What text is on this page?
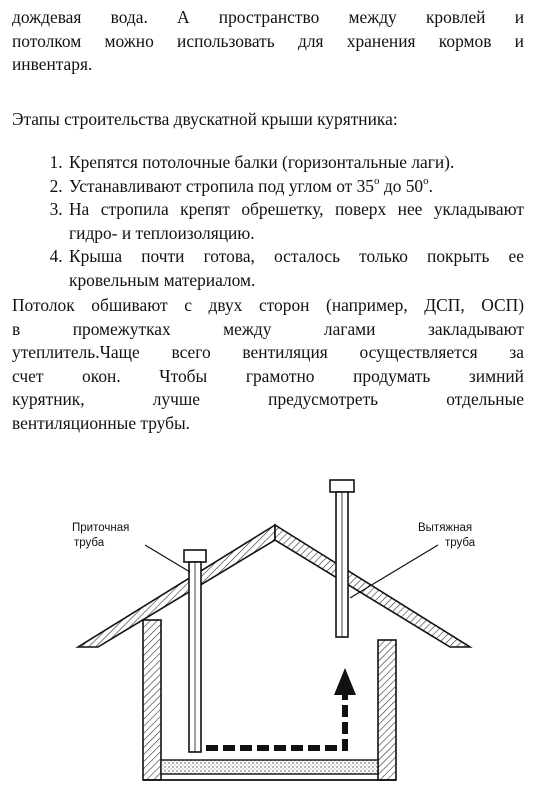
дождевая вода. А пространство между кровлей и
потолком можно использовать для хранения кормов и
инвентаря.
Этапы строительства двускатной крыши курятника:
1. Крепятся потолочные балки (горизонтальные лаги).
2. Устанавливают стропила под углом от 35$^o$ до 50$^o$.
3. На стропила крепят обрешетку, поверх нее укладывают гидро- и теплоизоляцию.
4. Крыша почти готова, осталось только покрыть ее кровельным материалом.
Потолок обшивают с двух сторон (например, ДСП, ОСП)
в промежутках между лагами закладывают
утеплитель.Чаще всего вентиляция осуществляется за
счет окон. Чтобы грамотно продумать зимний
курятник, лучше предусмотреть отдельные
вентиляционные трубы.
Приточная
труба
Вытяжная
труба
